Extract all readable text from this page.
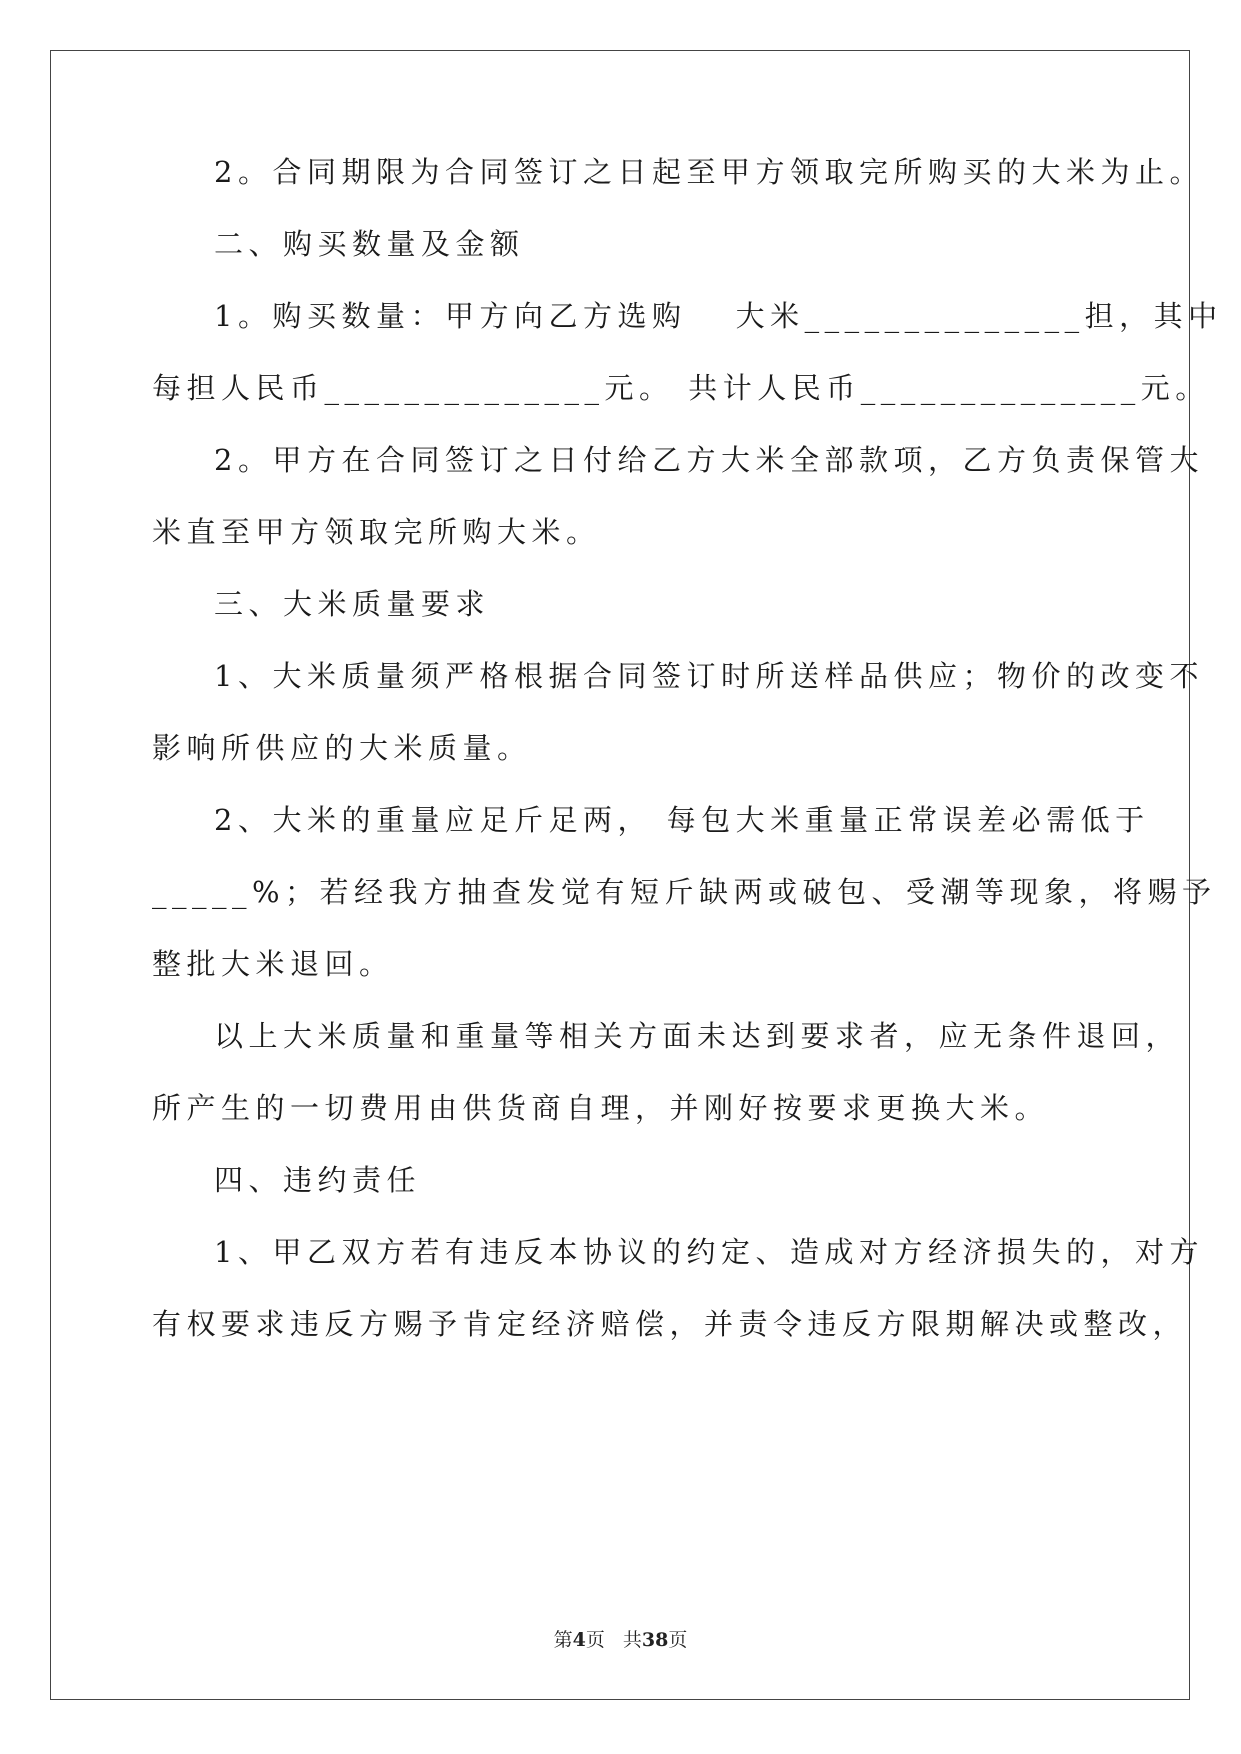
2。合同期限为合同签订之日起至甲方领取完所购买的大米为止。
二、购买数量及金额
1。购买数量：甲方向乙方选购　 大米______________担，其中
每担人民币______________元。 共计人民币______________元。
2。甲方在合同签订之日付给乙方大米全部款项，乙方负责保管大
米直至甲方领取完所购大米。
三、大米质量要求
1、大米质量须严格根据合同签订时所送样品供应；物价的改变不
影响所供应的大米质量。
2、大米的重量应足斤足两， 每包大米重量正常误差必需低于
_____%；若经我方抽查发觉有短斤缺两或破包、受潮等现象，将赐予
整批大米退回。
以上大米质量和重量等相关方面未达到要求者，应无条件退回，
所产生的一切费用由供货商自理，并刚好按要求更换大米。
四、违约责任
1、甲乙双方若有违反本协议的约定、造成对方经济损失的，对方
有权要求违反方赐予肯定经济赔偿，并责令违反方限期解决或整改，
第4页 共38页
